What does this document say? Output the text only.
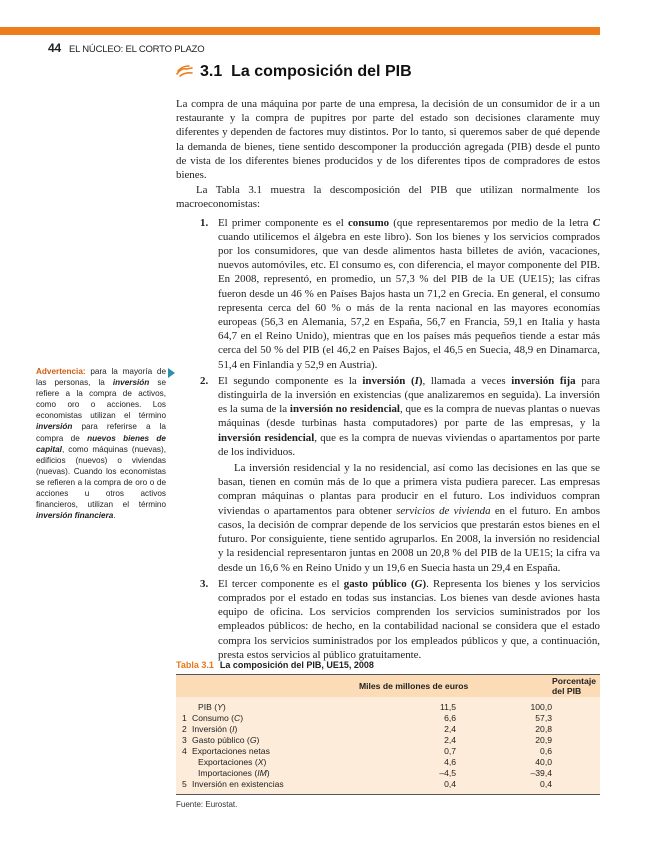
44 EL NÚCLEO: EL CORTO PLAZO
3.1
La composición del PIB

La compra de una máquina por parte de una empresa, la decisión de un consumidor de ir a un restaurante y la compra de pupitres por parte del estado son decisiones claramente muy diferentes y dependen de factores muy distintos. Por lo tanto, si queremos saber de qué depende la demanda de bienes, tiene sentido descomponer la producción agregada (PIB) desde el punto de vista de los diferentes bienes producidos y de los diferentes tipos de compradores de estos bienes.

La Tabla 3.1 muestra la descomposición del PIB que utilizan normalmente los macroeconomistas:

1. El primer componente es el consumo (que representaremos por medio de la letra C cuando utilicemos el álgebra en este libro). Son los bienes y los servicios comprados por los consumidores, que van desde alimentos hasta billetes de avión, vacaciones, nuevos automóviles, etc. El consumo es, con diferencia, el mayor componente del PIB. En 2008, representó, en promedio, un 57,3 % del PIB de la UE (UE15); las cifras fueron desde un 46 % en Países Bajos hasta un 71,2 en Grecia. En general, el consumo representa cerca del 60 % o más de la renta nacional en las mayores economías europeas (56,3 en Alemania, 57,2 en España, 56,7 en Francia, 59,1 en Italia y hasta 64,7 en el Reino Unido), mientras que en los países más pequeños tiende a estar más cerca del 50 % del PIB (el 46,2 en Países Bajos, el 46,5 en Suecia, 48,9 en Dinamarca, 51,4 en Finlandia y 52,9 en Austria).

2. El segundo componente es la inversión (I), llamada a veces inversión fija para distinguirla de la inversión en existencias (que analizaremos en seguida). La inversión es la suma de la inversión no residencial, que es la compra de nuevas plantas o nuevas máquinas (desde turbinas hasta computadores) por parte de las empresas, y la inversión residencial, que es la compra de nuevas viviendas o apartamentos por parte de los individuos.

La inversión residencial y la no residencial, así como las decisiones en las que se basan, tienen en común más de lo que a primera vista pudiera parecer. Las empresas compran máquinas o plantas para producir en el futuro. Los individuos compran viviendas o apartamentos para obtener servicios de vivienda en el futuro. En ambos casos, la decisión de comprar depende de los servicios que prestarán estos bienes en el futuro. Por consiguiente, tiene sentido agruparlos. En 2008, la inversión no residencial y la residencial representaron juntas en 2008 un 20,8 % del PIB de la UE15; la cifra va desde un 16,6 % en Reino Unido y un 19,6 en Suecia hasta un 29,4 en España.

3. El tercer componente es el gasto público (G). Representa los bienes y los servicios comprados por el estado en todas sus instancias. Los bienes van desde aviones hasta equipo de oficina. Los servicios comprenden los servicios suministrados por los empleados públicos: de hecho, en la contabilidad nacional se considera que el estado compra los servicios suministrados por los empleados públicos y que, a continuación, presta estos servicios al público gratuitamente.

Advertencia: para la mayoría de las personas, la inversión se refiere a la compra de activos, como oro o acciones. Los economistas utilizan el término inversión para referirse a la compra de nuevos bienes de capital, como máquinas (nuevas), edificios (nuevos) o viviendas (nuevas). Cuando los economistas se refieren a la compra de oro o de acciones u otros activos financieros, utilizan el término inversión financiera.
Tabla 3.1 La composición del PIB, UE15, 2008
	Miles de millones de euros	Porcentaje del PIB
PIB (Y)	11,5	100,0
1 Consumo (C)	6,6	57,3
2 Inversión (I)	2,4	20,8
3 Gasto público (G)	2,4	20,9
4 Exportaciones netas	0,7	0,6
Exportaciones (X)	4,6	40,0
Importaciones (IM)	–4,5	–39,4
5 Inversión en existencias	0,4	0,4
Fuente: Eurostat.
